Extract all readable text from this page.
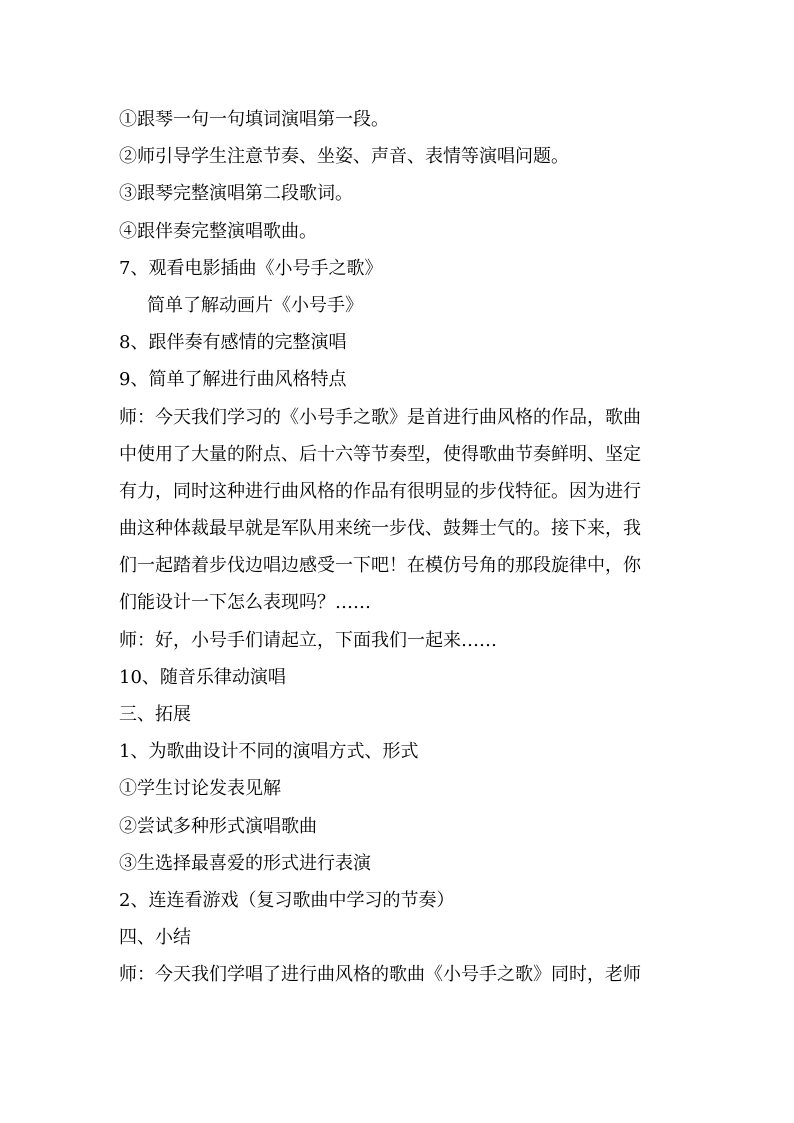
①跟琴一句一句填词演唱第一段。
②师引导学生注意节奏、坐姿、声音、表情等演唱问题。
③跟琴完整演唱第二段歌词。
④跟伴奏完整演唱歌曲。
7、观看电影插曲《小号手之歌》
简单了解动画片《小号手》
8、跟伴奏有感情的完整演唱
9、简单了解进行曲风格特点
师：今天我们学习的《小号手之歌》是首进行曲风格的作品，歌曲
中使用了大量的附点、后十六等节奏型，使得歌曲节奏鲜明、坚定
有力，同时这种进行曲风格的作品有很明显的步伐特征。因为进行
曲这种体裁最早就是军队用来统一步伐、鼓舞士气的。接下来，我
们一起踏着步伐边唱边感受一下吧！在模仿号角的那段旋律中，你
们能设计一下怎么表现吗？……
师：好，小号手们请起立，下面我们一起来……
10、随音乐律动演唱
三、拓展
1、为歌曲设计不同的演唱方式、形式
①学生讨论发表见解
②尝试多种形式演唱歌曲
③生选择最喜爱的形式进行表演
2、连连看游戏（复习歌曲中学习的节奏）
四、小结
师：今天我们学唱了进行曲风格的歌曲《小号手之歌》同时，老师
